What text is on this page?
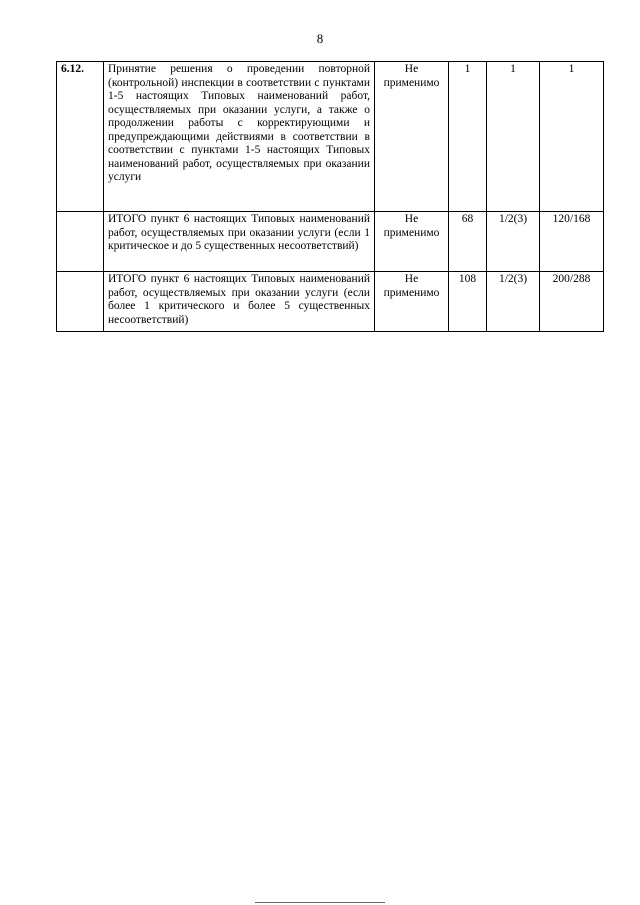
8
6.12.	Принятие решения о проведении повторной (контрольной) инспекции в соответствии с пунктами 1-5 настоящих Типовых наименований работ, осуществляемых при оказании услуги, а также о продолжении работы с корректирующими и предупреждающими действиями в соответствии в соответствии с пунктами 1-5 настоящих Типовых наименований работ, осуществляемых при оказании услуги	Не применимо	1	1	1
	ИТОГО пункт 6 настоящих Типовых наименований работ, осуществляемых при оказании услуги (если 1 критическое и до 5 существенных несоответствий)	Не применимо	68	1/2(3)	120/168
	ИТОГО пункт 6 настоящих Типовых наименований работ, осуществляемых при оказании услуги (если более 1 критического и более 5 существенных несоответствий)	Не применимо	108	1/2(3)	200/288
